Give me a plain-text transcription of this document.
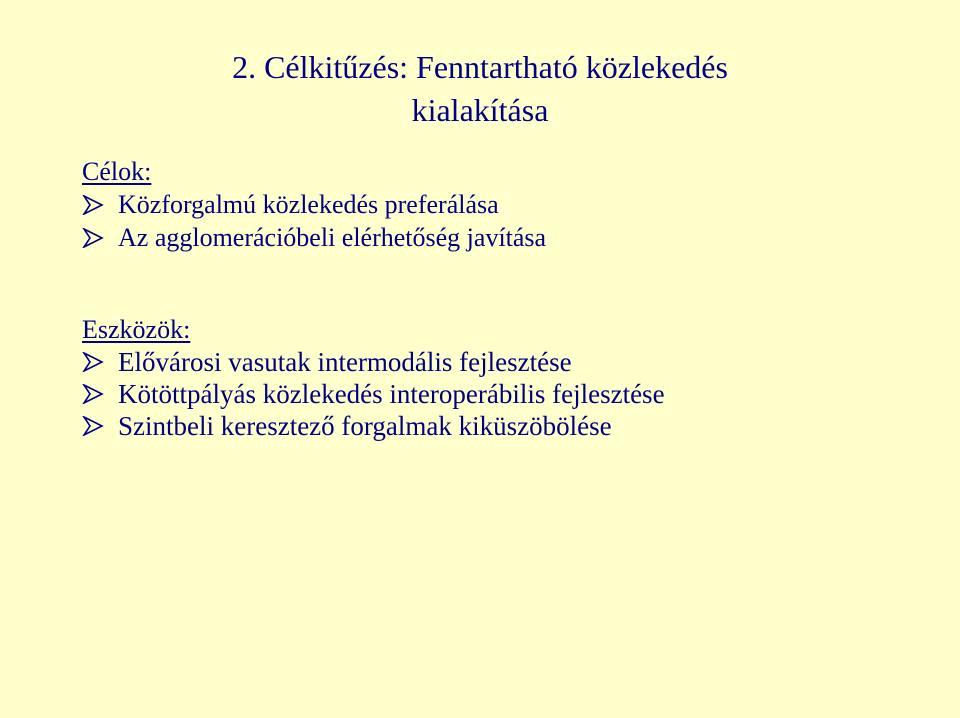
2. Célkitűzés: Fenntartható közlekedés
kialakítása
Célok:
Közforgalmú közlekedés preferálása
Az agglomerációbeli elérhetőség javítása
Eszközök:
Elővárosi vasutak intermodális fejlesztése
Kötöttpályás közlekedés interoperábilis fejlesztése
Szintbeli keresztező forgalmak kiküszöbölése
